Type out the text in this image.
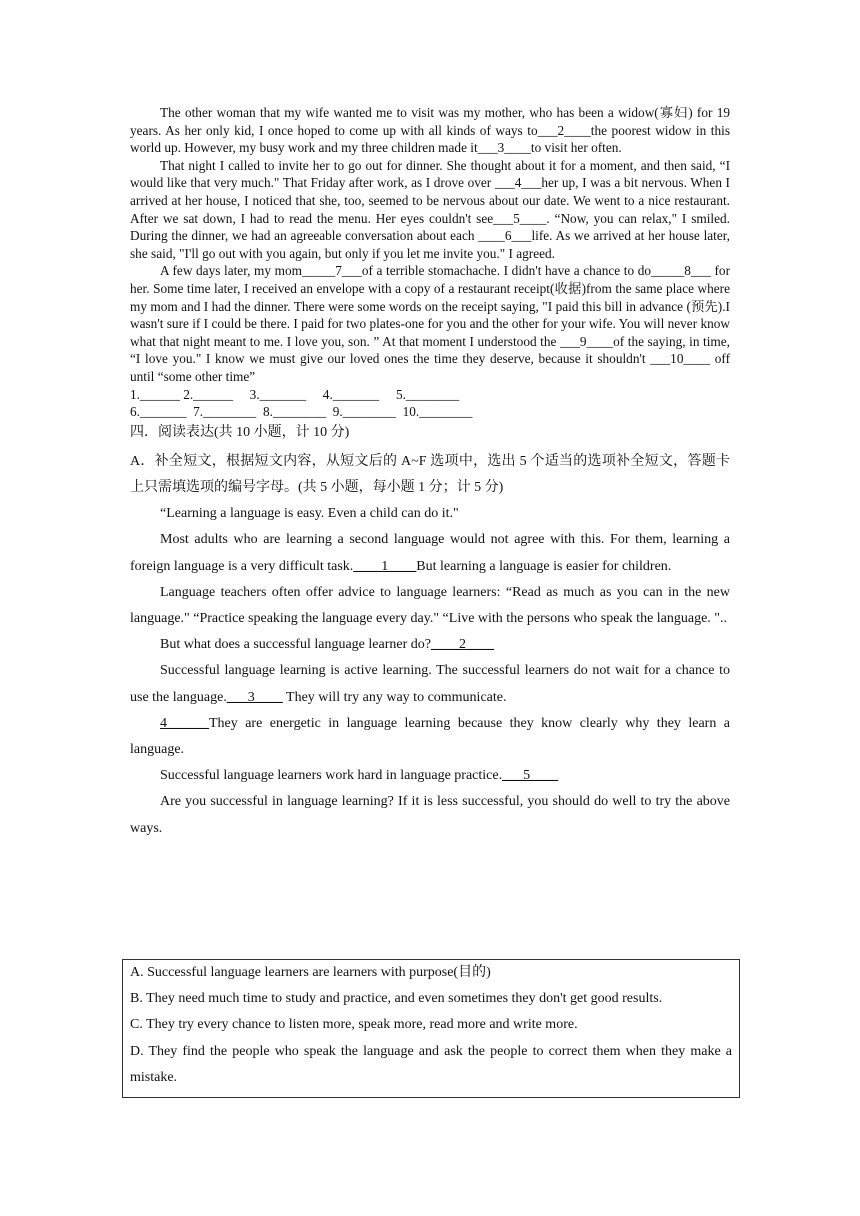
The other woman that my wife wanted me to visit was my mother, who has been a widow(寡妇) for 19 years. As her only kid, I once hoped to come up with all kinds of ways to___2____the poorest widow in this world up. However, my busy work and my three children made it___3____to visit her often.

That night I called to invite her to go out for dinner. She thought about it for a moment, and then said, “I would like that very much." That Friday after work, as I drove over ___4___her up, I was a bit nervous. When I arrived at her house, I noticed that she, too, seemed to be nervous about our date. We went to a nice restaurant. After we sat down, I had to read the menu. Her eyes couldn't see___5____. “Now, you can relax," I smiled. During the dinner, we had an agreeable conversation about each ____6___life. As we arrived at her house later, she said, "I'll go out with you again, but only if you let me invite you." I agreed.

A few days later, my mom_____7___of a terrible stomachache. I didn't have a chance to do_____8___ for her. Some time later, I received an envelope with a copy of a restaurant receipt(收据)from the same place where my mom and I had the dinner. There were some words on the receipt saying, "I paid this bill in advance (预先).I wasn't sure if I could be there. I paid for two plates-one for you and the other for your wife. You will never know what that night meant to me. I love you, son. ” At that moment I understood the ___9____of the saying, in time, “I love you." I know we must give our loved ones the time they deserve, because it shouldn't ___10____ off until “some other time”

1.______ 2.______     3._______     4._______     5.________
6._______  7.________  8.________  9.________  10.________
四．阅读表达(共 10 小题，计 10 分)

A．补全短文，根据短文内容，从短文后的 A~F 选项中，选出 5 个适当的选项补全短文，答题卡上只需填选项的编号字母。(共 5 小题，每小题 1 分；计 5 分)

“Learning a language is easy. Even a child can do it."

Most adults who are learning a second language would not agree with this. For them, learning a foreign language is a very difficult task.____1____But learning a language is easier for children.

Language teachers often offer advice to language learners: “Read as much as you can in the new language." “Practice speaking the language every day." “Live with the persons who speak the language. "..

But what does a successful language learner do?____2____

Successful language learning is active learning. The successful learners do not wait for a chance to use the language.___3____ They will try any way to communicate.

4______They are energetic in language learning because they know clearly why they learn a language.

Successful language learners work hard in language practice.___5____

Are you successful in language learning? If it is less successful, you should do well to try the above ways.

A. Successful language learners are learners with purpose(目的)

B. They need much time to study and practice, and even sometimes they don't get good results.

C. They try every chance to listen more, speak more, read more and write more.

D. They find the people who speak the language and ask the people to correct them when they make a mistake.
